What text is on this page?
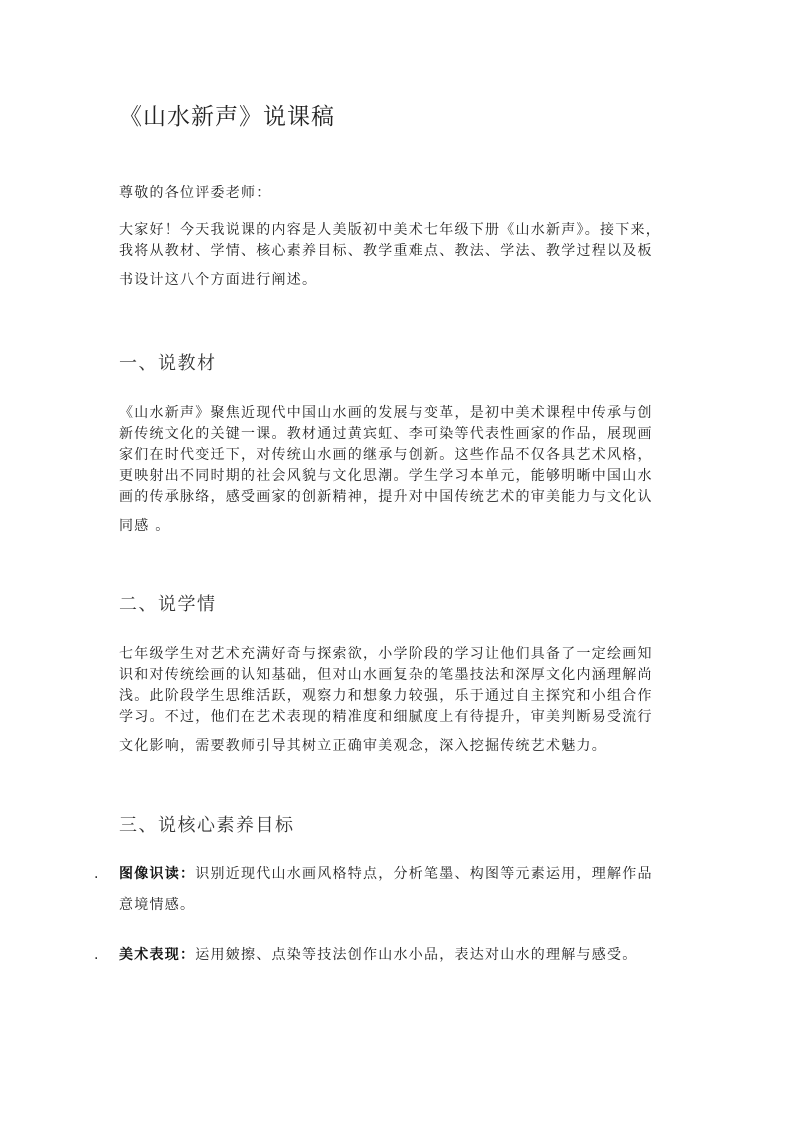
《山水新声》说课稿
尊敬的各位评委老师：
大家好！今天我说课的内容是人美版初中美术七年级下册《山水新声》。接下来，
我将从教材、学情、核心素养目标、教学重难点、教法、学法、教学过程以及板
书设计这八个方面进行阐述。
一、说教材
《山水新声》聚焦近现代中国山水画的发展与变革，是初中美术课程中传承与创
新传统文化的关键一课。教材通过黄宾虹、李可染等代表性画家的作品，展现画
家们在时代变迁下，对传统山水画的继承与创新。这些作品不仅各具艺术风格，
更映射出不同时期的社会风貌与文化思潮。学生学习本单元，能够明晰中国山水
画的传承脉络，感受画家的创新精神，提升对中国传统艺术的审美能力与文化认
同感 。
二、说学情
七年级学生对艺术充满好奇与探索欲，小学阶段的学习让他们具备了一定绘画知
识和对传统绘画的认知基础，但对山水画复杂的笔墨技法和深厚文化内涵理解尚
浅。此阶段学生思维活跃，观察力和想象力较强，乐于通过自主探究和小组合作
学习。不过，他们在艺术表现的精准度和细腻度上有待提升，审美判断易受流行
文化影响，需要教师引导其树立正确审美观念，深入挖掘传统艺术魅力。
三、说核心素养目标
. 图像识读：识别近现代山水画风格特点，分析笔墨、构图等元素运用，理解作品
意境情感。
. 美术表现：运用皴擦、点染等技法创作山水小品，表达对山水的理解与感受。
